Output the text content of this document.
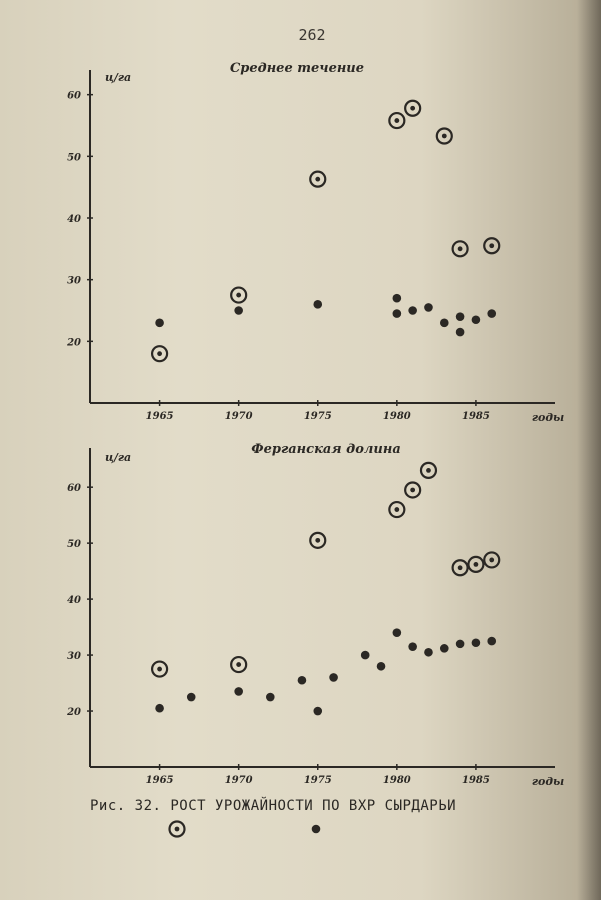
262
Среднее течение
ц/га
годы
20
30
40
50
60
1965	1970	1975	1980	1985
Ферганская долина
ц/га
годы
20
30
40
50
60
1965	1970	1975	1980	1985
Рис. 32. РОСТ УРОЖАЙНОСТИ ПО ВХР СЫРДАРЬИ
